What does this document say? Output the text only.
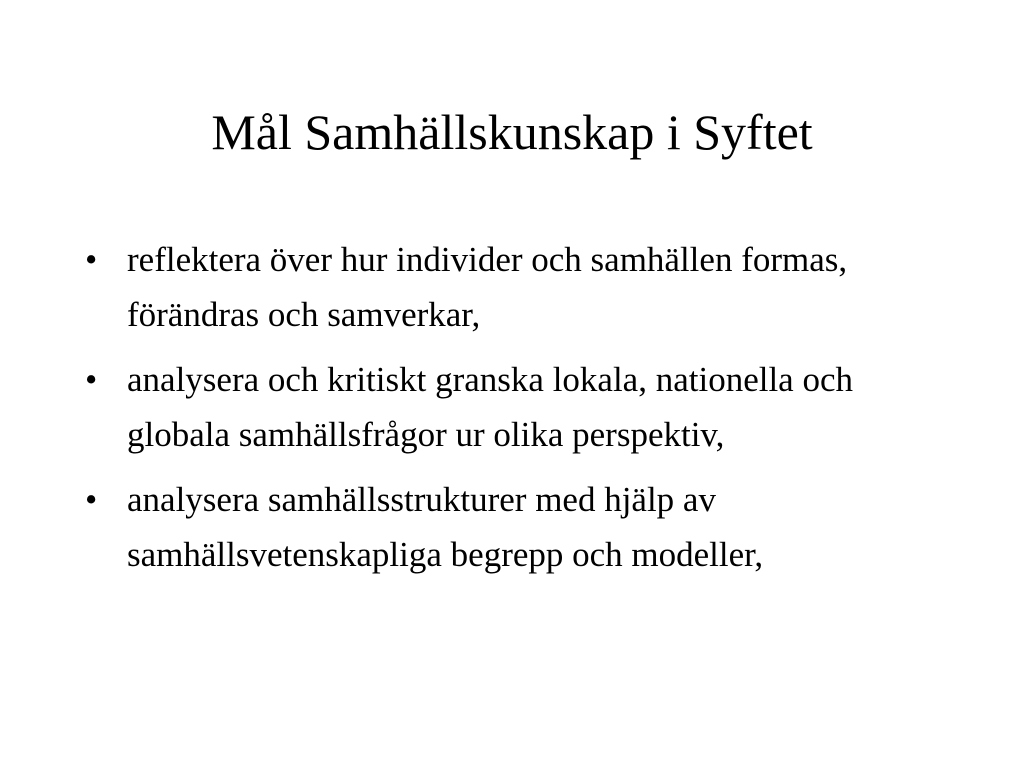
Mål Samhällskunskap i Syftet
• reflektera över hur individer och samhällen formas, förändras och samverkar,
• analysera och kritiskt granska lokala, nationella och globala samhällsfrågor ur olika perspektiv,
• analysera samhällsstrukturer med hjälp av samhällsvetenskapliga begrepp och modeller,
